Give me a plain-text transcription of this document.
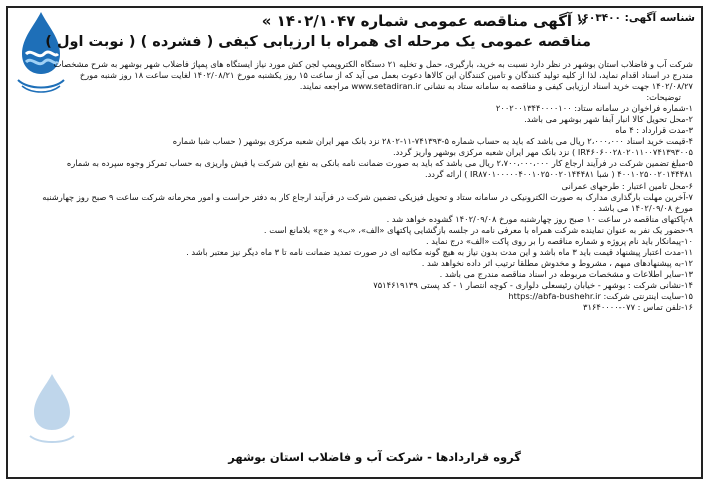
شناسه آگهی: ۱۶۰۳۴۰۰
« آگهی مناقصه عمومی شماره ۱۴۰۲/۱۰۴۷ »
مناقصه عمومی یک مرحله ای همراه با ارزیابی کیفی ( فشرده ) ( نوبت اول )

شرکت آب و فاضلاب استان بوشهر در نظر دارد نسبت به خرید، بارگیری، حمل و تخلیه ۲۱ دستگاه الکتروپمپ لجن کش مورد نیاز ایستگاه های پمپاژ فاضلاب شهر بوشهر به شرح مشخصات

مندرج در اسناد اقدام نماید، لذا از کلیه تولید کنندگان و تامین کنندگان این کالاها دعوت بعمل می آید که از ساعت ۱۵ روز یکشنبه مورخ ۱۴۰۲/۰۸/۲۱ لغایت ساعت ۱۸ روز شنبه مورخ

۱۴۰۲/۰۸/۲۷ جهت خرید اسناد ارزیابی کیفی و مناقصه به سامانه ستاد به نشانی www.setadiran.ir مراجعه نمایند.

توضیحات:

۱-شماره فراخوان در سامانه ستاد: ۲۰۰۲۰۰۱۳۴۴۰۰۰۰۱۰۰

۲-محل تحویل کالا انبار آبفا شهر بوشهر می باشد.

۳-مدت قرارداد : ۴ ماه

۴-قیمت خرید اسناد ۲،۰۰۰،۰۰۰ ریال می باشد که باید به حساب شماره ۵-۷۴۱۳۹۳-۱۱-۲۸۰۲ نزد بانک مهر ایران شعبه مرکزی بوشهر ( حساب شبا شماره

IR۴۶۰۶۰۰۲۸۰۲۰۱۱۰۰۷۴۱۳۹۳۰۰۵ ) نزد بانک مهر ایران شعبه مرکزی بوشهر واریز گردد.

۵-مبلغ تضمین شرکت در فرآیند ارجاع کار ۲،۷۰۰،۰۰۰،۰۰۰ ریال می باشد که باید به صورت ضمانت نامه بانکی به نفع این شرکت یا فیش واریزی به حساب تمرکز وجوه سپرده به شماره

۴۰۰۱۰۲۵۰۰۲۰۱۴۴۴۸۱ ( شبا IR۸۷۰۱۰۰۰۰۰۴۰۰۱۰۲۵۰۰۲۰۱۴۴۴۸۱ ) ارائه گردد.

۶-محل تامین اعتبار : طرحهای عمرانی

۷-آخرین مهلت بارگذاری مدارک به صورت الکترونیکی در سامانه ستاد و تحویل فیزیکی تضمین شرکت در فرآیند ارجاع کار به دفتر حراست و امور محرمانه شرکت ساعت ۹ صبح روز چهارشنبه

مورخ ۱۴۰۲/۰۹/۰۸ می باشد .

۸-پاکتهای مناقصه در ساعت ۱۰ صبح روز چهارشنبه مورخ ۱۴۰۲/۰۹/۰۸ گشوده خواهد شد .

۹-حضور یک نفر به عنوان نماینده شرکت همراه با معرفی نامه در جلسه بازگشایی پاکتهای «الف»، «ب» و «ج» بلامانع است .

۱۰-پیمانکار باید نام پروژه و شماره مناقصه را بر روی پاکت «الف» درج نماید .

۱۱-مدت اعتبار پیشنهاد قیمت باید ۳ ماه باشد و این مدت بدون نیاز به هیچ گونه مکاتبه ای در صورت تمدید ضمانت نامه تا ۳ ماه دیگر نیز معتبر باشد .

۱۲-به پیشنهادهای مبهم ، مشروط و مخدوش مطلقا ترتیب اثر داده نخواهد شد .

۱۳-سایر اطلاعات و مشخصات مربوطه در اسناد مناقصه مندرج می باشد .

۱۴-نشانی شرکت : بوشهر - خیابان رئیسعلی دلواری - کوچه انتصار ۱ - کد پستی ۷۵۱۴۶۱۹۱۳۹

۱۵-سایت اینترنتی شرکت: https://abfa-bushehr.ir

۱۶-تلفن تماس : ۰۷۷-۳۱۶۴۰۰۰۰

گروه قراردادها - شرکت آب و فاضلاب استان بوشهر
